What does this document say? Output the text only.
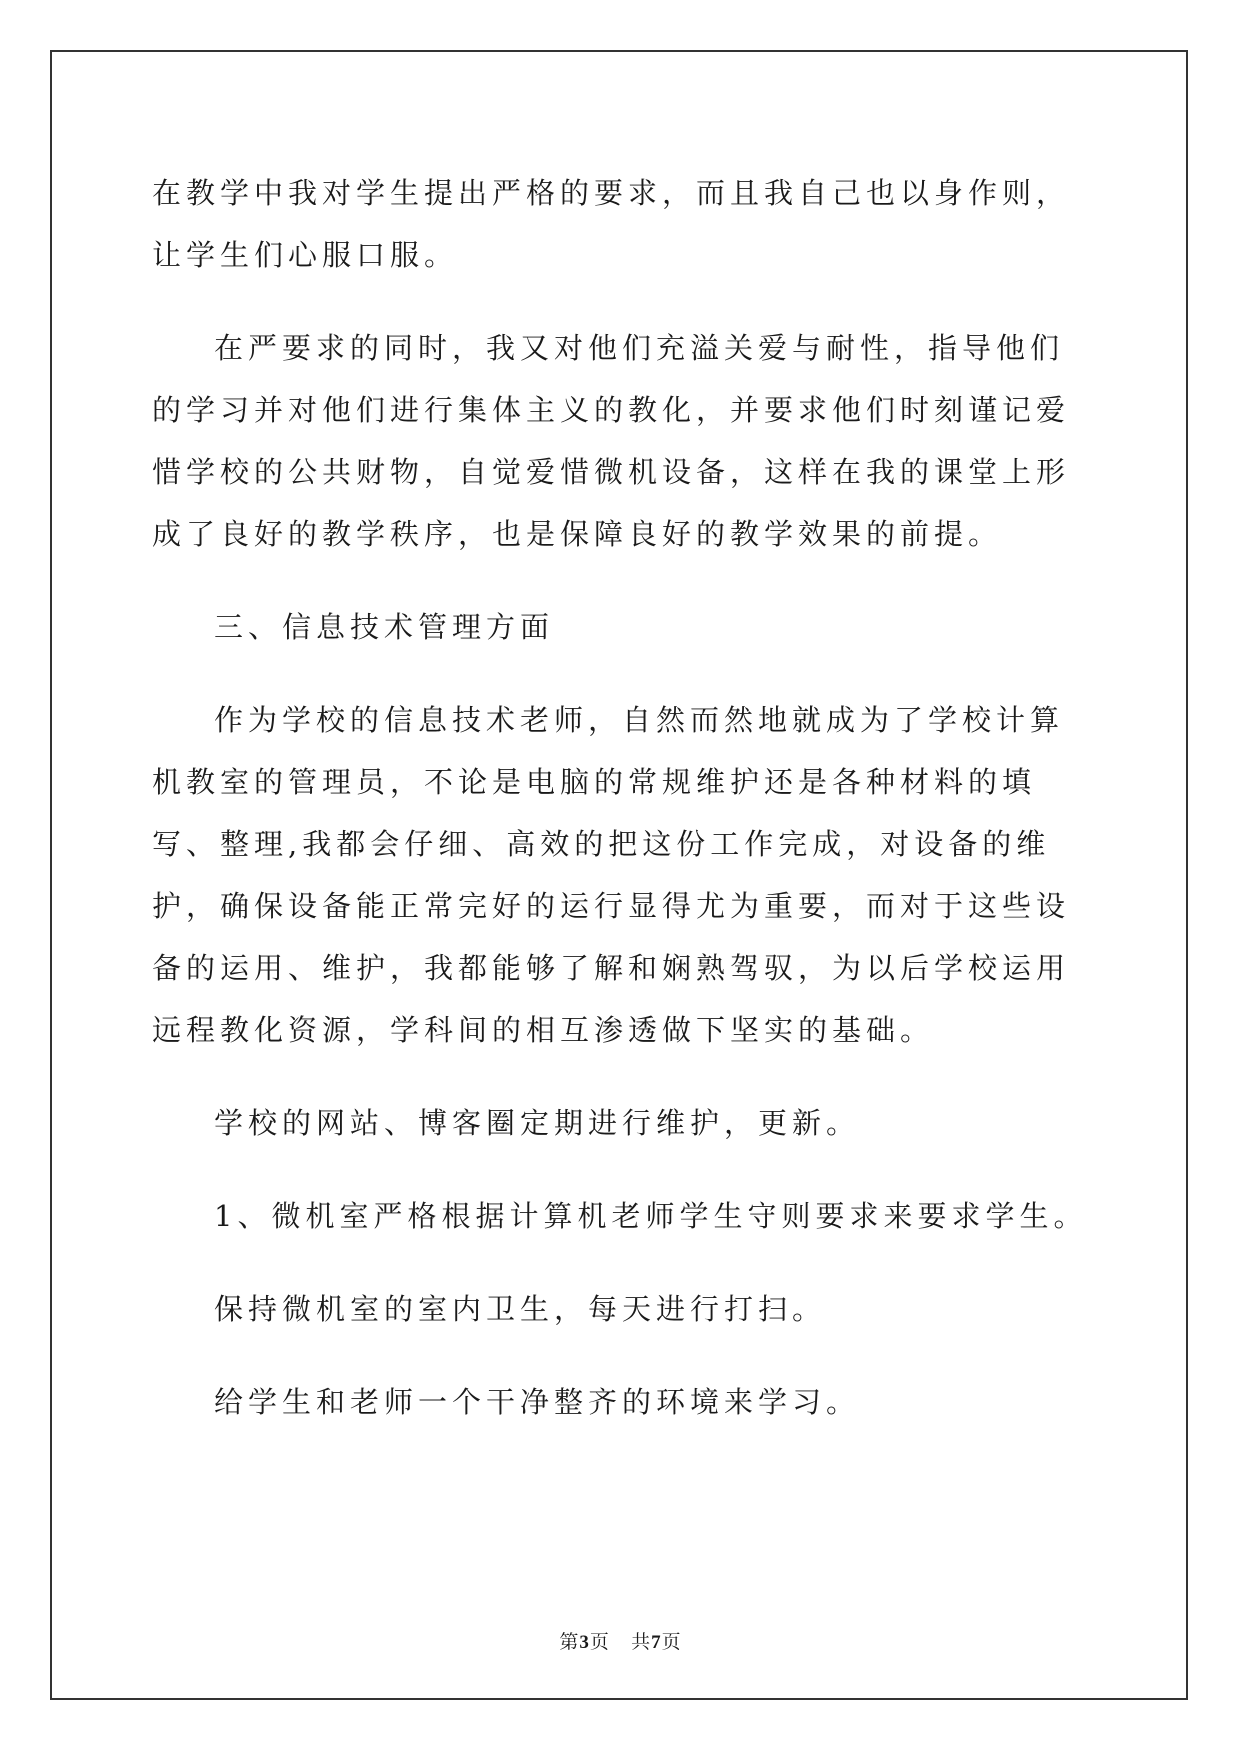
在教学中我对学生提出严格的要求，而且我自己也以身作则，让学生们心服口服。

在严要求的同时，我又对他们充溢关爱与耐性，指导他们的学习并对他们进行集体主义的教化，并要求他们时刻谨记爱惜学校的公共财物，自觉爱惜微机设备，这样在我的课堂上形成了良好的教学秩序，也是保障良好的教学效果的前提。

三、信息技术管理方面

作为学校的信息技术老师，自然而然地就成为了学校计算机教室的管理员，不论是电脑的常规维护还是各种材料的填写、整理,我都会仔细、高效的把这份工作完成，对设备的维护，确保设备能正常完好的运行显得尤为重要，而对于这些设备的运用、维护，我都能够了解和娴熟驾驭，为以后学校运用远程教化资源，学科间的相互渗透做下坚实的基础。

学校的网站、博客圈定期进行维护，更新。

1、微机室严格根据计算机老师学生守则要求来要求学生。

保持微机室的室内卫生，每天进行打扫。

给学生和老师一个干净整齐的环境来学习。

第3页 共7页
